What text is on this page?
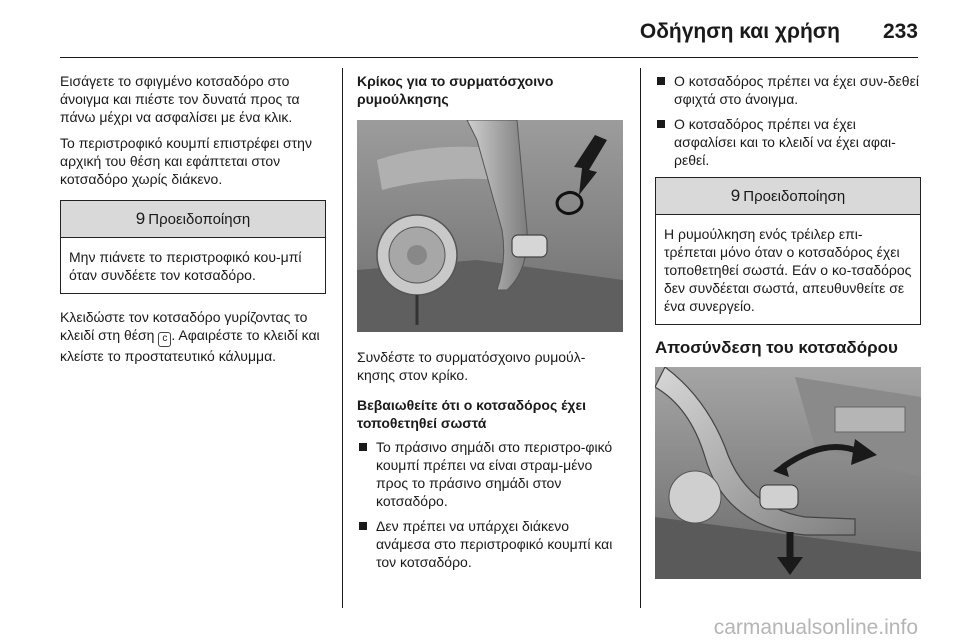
Οδήγηση και χρήση 233

Εισάγετε το σφιγμένο κοτσαδόρο στο άνοιγμα και πιέστε τον δυνατά προς τα πάνω μέχρι να ασφαλίσει με ένα κλικ.

Το περιστροφικό κουμπί επιστρέφει στην αρχική του θέση και εφάπτεται στον κοτσαδόρο χωρίς διάκενο.

9 Προειδοποίηση
Μην πιάνετε το περιστροφικό κου-μπί όταν συνδέετε τον κοτσαδόρο.

Κλειδώστε τον κοτσαδόρο γυρίζοντας το κλειδί στη θέση c . Αφαιρέστε το κλειδί και κλείστε το προστατευτικό κάλυμμα.

Κρίκος για το συρματόσχοινο ρυμούλκησης

Συνδέστε το συρματόσχοινο ρυμούλ-κησης στον κρίκο.

Βεβαιωθείτε ότι ο κοτσαδόρος έχει τοποθετηθεί σωστά
Το πράσινο σημάδι στο περιστρο-φικό κουμπί πρέπει να είναι στραμ-μένο προς το πράσινο σημάδι στον κοτσαδόρο.
Δεν πρέπει να υπάρχει διάκενο ανάμεσα στο περιστροφικό κουμπί και τον κοτσαδόρο.
Ο κοτσαδόρος πρέπει να έχει συν-δεθεί σφιχτά στο άνοιγμα.
Ο κοτσαδόρος πρέπει να έχει ασφαλίσει και το κλειδί να έχει αφαι-ρεθεί.
9 Προειδοποίηση
Η ρυμούλκηση ενός τρέιλερ επι-τρέπεται μόνο όταν ο κοτσαδόρος έχει τοποθετηθεί σωστά. Εάν ο κο-τσαδόρος δεν συνδέεται σωστά, απευθυνθείτε σε ένα συνεργείο.
Αποσύνδεση του κοτσαδόρου
carmanualsonline.info
